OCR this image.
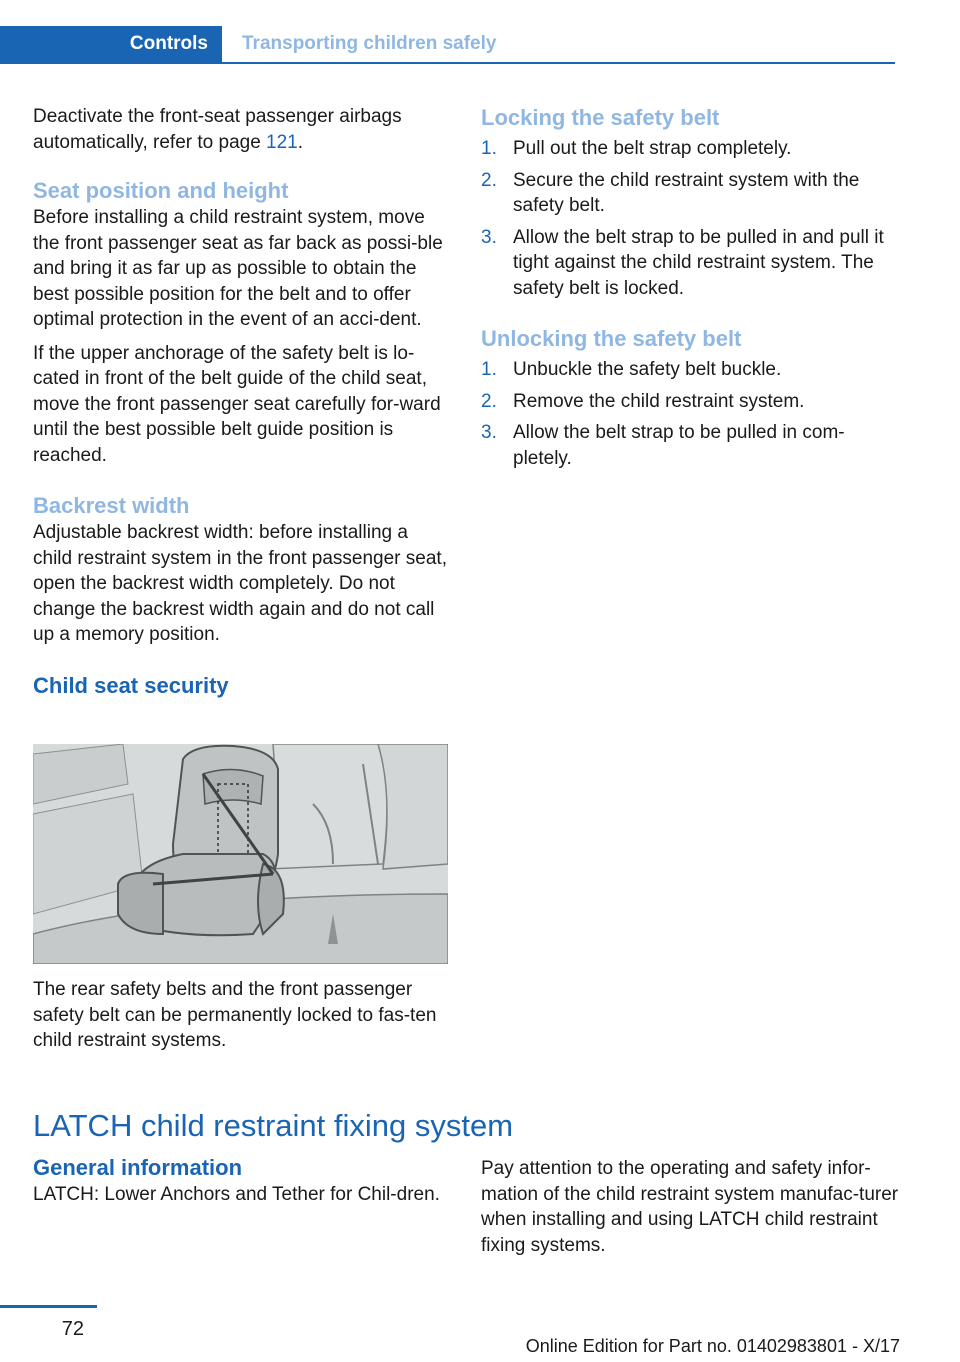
Controls	Transporting children safely

Deactivate the front-seat passenger airbags automatically, refer to page 121.

Seat position and height

Before installing a child restraint system, move the front passenger seat as far back as possi‐ble and bring it as far up as possible to obtain the best possible position for the belt and to offer optimal protection in the event of an acci‐dent.

If the upper anchorage of the safety belt is lo‐cated in front of the belt guide of the child seat, move the front passenger seat carefully for‐ward until the best possible belt guide position is reached.

Backrest width

Adjustable backrest width: before installing a child restraint system in the front passenger seat, open the backrest width completely. Do not change the backrest width again and do not call up a memory position.

Child seat security

The rear safety belts and the front passenger safety belt can be permanently locked to fas‐ten child restraint systems.

Locking the safety belt
1. Pull out the belt strap completely.
2. Secure the child restraint system with the safety belt.
3. Allow the belt strap to be pulled in and pull it tight against the child restraint system. The safety belt is locked.
Unlocking the safety belt
1. Unbuckle the safety belt buckle.
2. Remove the child restraint system.
3. Allow the belt strap to be pulled in com‐pletely.
LATCH child restraint fixing system
General information

LATCH: Lower Anchors and Tether for Chil‐dren.

Pay attention to the operating and safety infor‐mation of the child restraint system manufac‐turer when installing and using LATCH child restraint fixing systems.

72
Online Edition for Part no. 01402983801 - X/17
